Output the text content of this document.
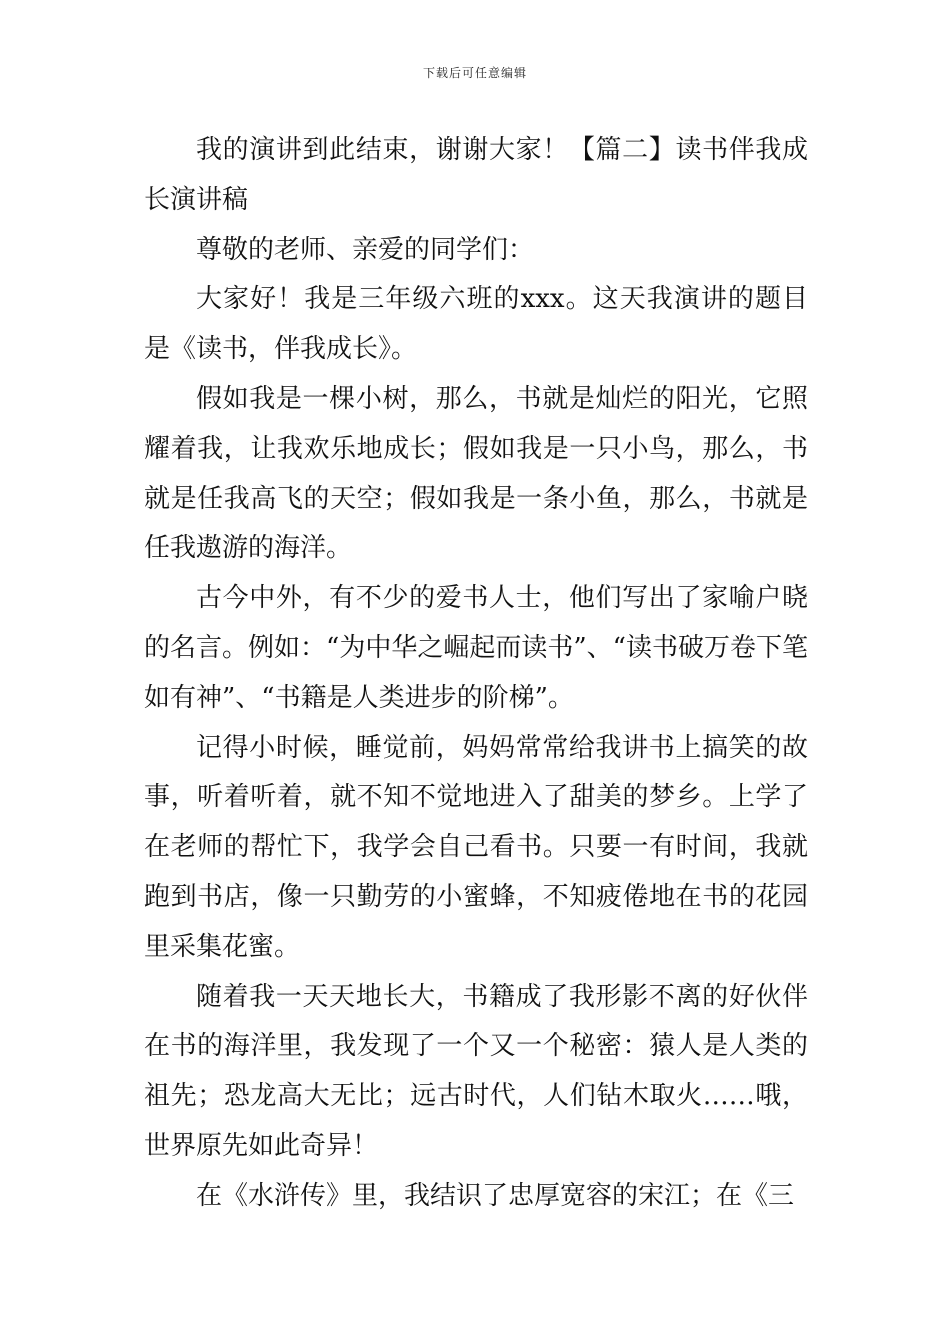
下载后可任意编辑

我的演讲到此结束，谢谢大家！【篇二】读书伴我成长演讲稿

尊敬的老师、亲爱的同学们：

大家好！我是三年级六班的xxx。这天我演讲的题目是《读书，伴我成长》。

假如我是一棵小树，那么，书就是灿烂的阳光，它照耀着我，让我欢乐地成长；假如我是一只小鸟，那么，书就是任我高飞的天空；假如我是一条小鱼，那么，书就是任我遨游的海洋。

古今中外，有不少的爱书人士，他们写出了家喻户晓的名言。例如：“为中华之崛起而读书”、“读书破万卷下笔如有神”、“书籍是人类进步的阶梯”。

记得小时候，睡觉前，妈妈常常给我讲书上搞笑的故事，听着听着，就不知不觉地进入了甜美的梦乡。上学了在老师的帮忙下，我学会自己看书。只要一有时间，我就跑到书店，像一只勤劳的小蜜蜂，不知疲倦地在书的花园里采集花蜜。

随着我一天天地长大，书籍成了我形影不离的好伙伴在书的海洋里，我发现了一个又一个秘密：猿人是人类的祖先；恐龙高大无比；远古时代，人们钻木取火……哦，世界原先如此奇异！

在《水浒传》里，我结识了忠厚宽容的宋江；在《三
